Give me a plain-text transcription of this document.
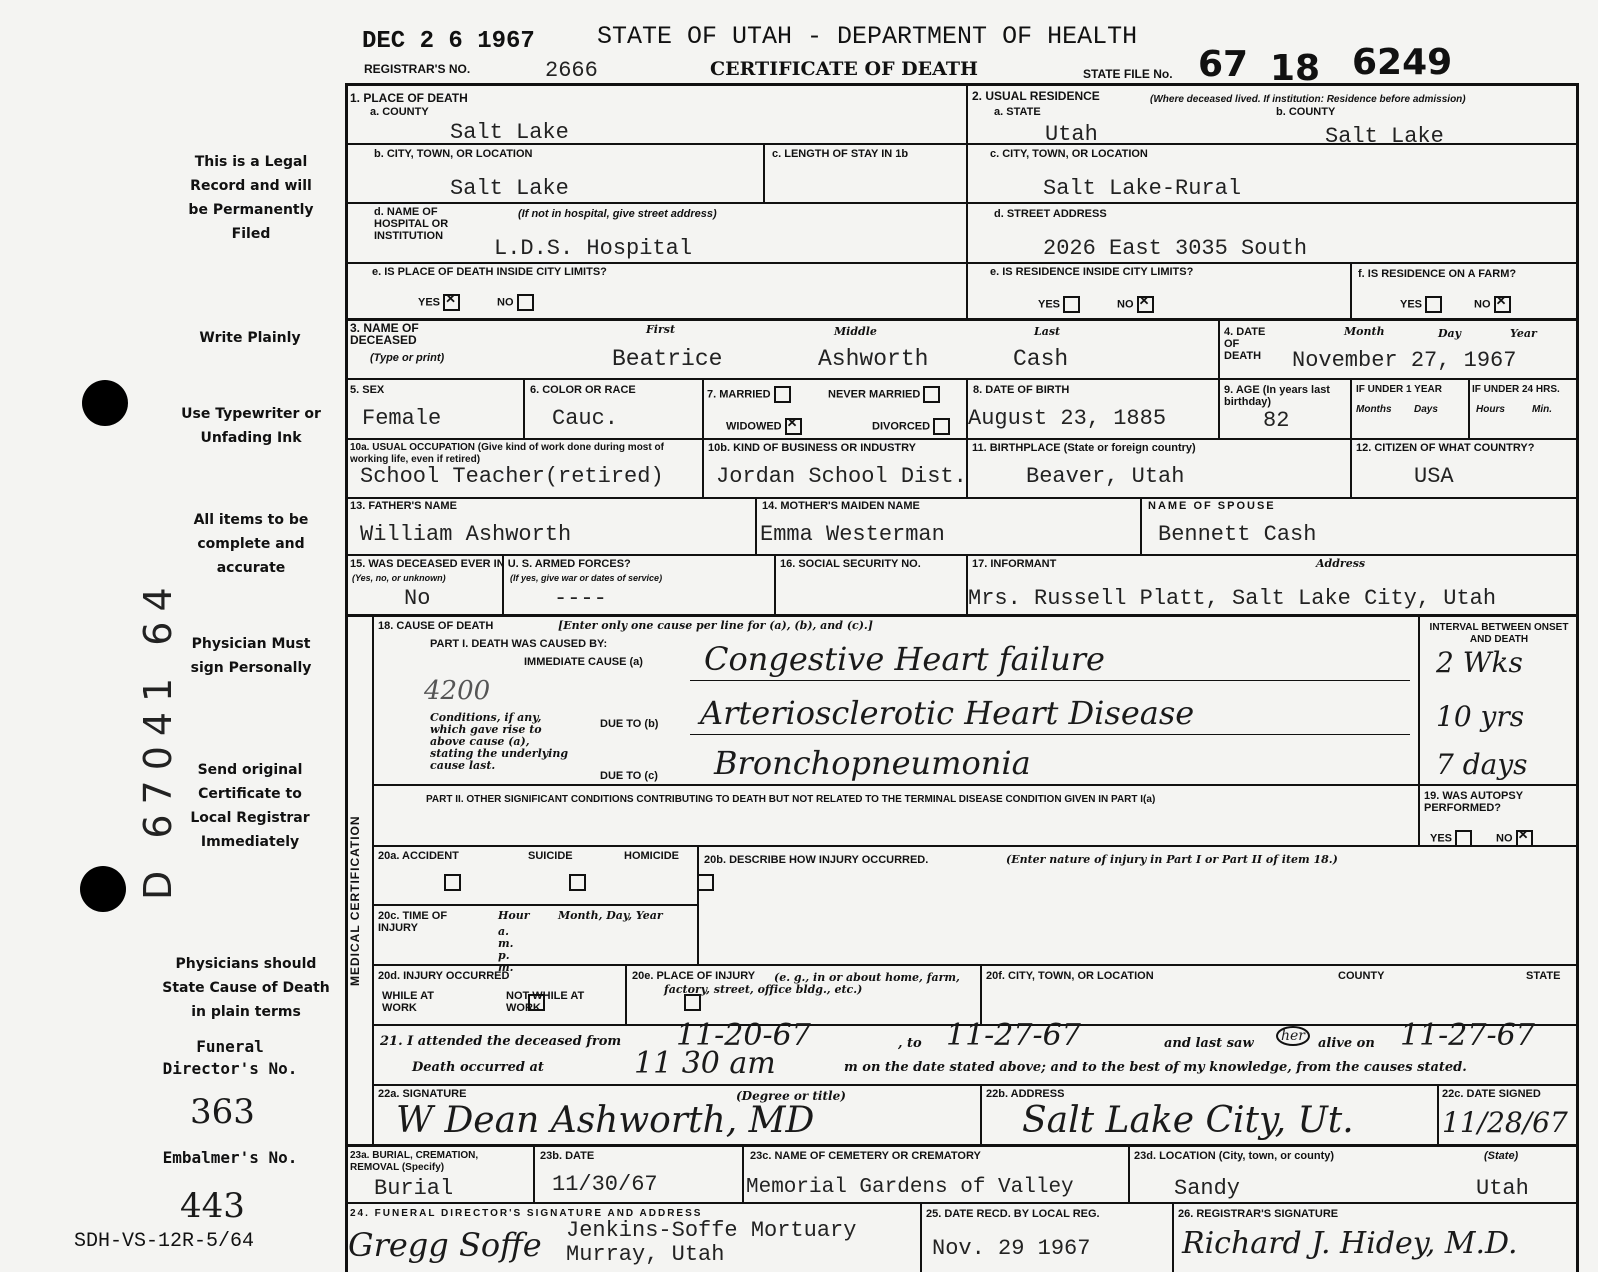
DEC 2 6 1967 STATE OF UTAH - DEPARTMENT OF HEALTH
REGISTRAR'S NO.	2666	CERTIFICATE OF DEATH	STATE FILE No. 67 18 6249
This is a Legal Record and will be Permanently Filed
Write Plainly
Use Typewriter or Unfading Ink
All items to be complete and accurate
Physician Must sign Personally
Send original Certificate to Local Registrar Immediately
Physicians should State Cause of Death in plain terms
Funeral Director's No.
363
Embalmer's No.
443
SDH-VS-12R-5/64
D 67041 64
1. PLACE OF DEATH
a. COUNTY
Salt Lake
2. USUAL RESIDENCE	(Where deceased lived. If institution: Residence before admission)
a. STATE	b. COUNTY
Utah	Salt Lake
b. CITY, TOWN, OR LOCATION
Salt Lake
c. LENGTH OF STAY IN 1b	c. CITY, TOWN, OR LOCATION
Salt Lake-Rural
d. NAME OF HOSPITAL OR INSTITUTION
(If not in hospital, give street address)
L.D.S. Hospital
d. STREET ADDRESS
2026 East 3035 South
e. IS PLACE OF DEATH INSIDE CITY LIMITS?
YES ✕	NO
e. IS RESIDENCE INSIDE CITY LIMITS?
YES	NO ✕
f. IS RESIDENCE ON A FARM?
YES	NO ✕
3. NAME OF DECEASED
(Type or print)
First	Middle	Last
Beatrice	Ashworth	Cash
4. DATE OF DEATH
Month	Day	Year
November 27, 1967
5. SEX
Female
6. COLOR OR RACE
Cauc.
7. MARRIED	NEVER MARRIED
WIDOWED ✕	DIVORCED
8. DATE OF BIRTH
August 23, 1885
9. AGE (In years last birthday)
82
IF UNDER 1 YEAR	IF UNDER 24 HRS.
Months Days	Hours	Min.
10a. USUAL OCCUPATION (Give kind of work done during most of working life, even if retired)
School Teacher(retired)
10b. KIND OF BUSINESS OR INDUSTRY
Jordan School Dist.
11. BIRTHPLACE (State or foreign country)
Beaver, Utah
12. CITIZEN OF WHAT COUNTRY?
USA
13. FATHER'S NAME
William Ashworth
14. MOTHER'S MAIDEN NAME
Emma Westerman
NAME OF SPOUSE
Bennett Cash
15. WAS DECEASED EVER IN U. S. ARMED FORCES?
(Yes, no, or unknown)	(If yes, give war or dates of service)
No	----
16. SOCIAL SECURITY NO.	17. INFORMANT	Address
Mrs. Russell Platt, Salt Lake City, Utah
MEDICAL CERTIFICATION
18. CAUSE OF DEATH	[Enter only one cause per line for (a), (b), and (c).]
PART I. DEATH WAS CAUSED BY:
IMMEDIATE CAUSE (a) Congestive Heart failure
4200
Conditions, if any, which gave rise to above cause (a), stating the underlying cause last.
DUE TO (b) Arteriosclerotic Heart Disease
DUE TO (c) Bronchopneumonia
INTERVAL BETWEEN ONSET AND DEATH
2 Wks
10 yrs
7 days
PART II. OTHER SIGNIFICANT CONDITIONS CONTRIBUTING TO DEATH BUT NOT RELATED TO THE TERMINAL DISEASE CONDITION GIVEN IN PART I(a)	19. WAS AUTOPSY PERFORMED?
YES	NO ✕
20a. ACCIDENT	SUICIDE	HOMICIDE
20b. DESCRIBE HOW INJURY OCCURRED.	(Enter nature of injury in Part I or Part II of item 18.)
20c. TIME OF INJURY
Hour
a. m. p. m.
Month, Day, Year
20d. INJURY OCCURRED
WHILE AT WORK

NOT WHILE AT WORK
20e. PLACE OF INJURY	(e. g., in or about home, farm, factory, street, office bldg., etc.)
20f. CITY, TOWN, OR LOCATION	COUNTY	STATE
21. I attended the deceased from 11-20-67	, to 11-27-67	and last saw	her	alive on 11-27-67
Death occurred at	11 30 am	m on the date stated above; and to the best of my knowledge, from the causes stated.
22a. SIGNATURE	(Degree or title)
W Dean Ashworth, MD
22b. ADDRESS
Salt Lake City, Ut.
22c. DATE SIGNED
11/28/67
23a. BURIAL, CREMATION, REMOVAL (Specify)
Burial
23b. DATE
11/30/67
23c. NAME OF CEMETERY OR CREMATORY
Memorial Gardens of Valley
23d. LOCATION (City, town, or county)	(State)
Sandy	Utah
24. FUNERAL DIRECTOR'S SIGNATURE AND ADDRESS
Gregg Soffe Jenkins-Soffe Mortuary
Murray, Utah
25. DATE RECD. BY LOCAL REG.
Nov. 29 1967
26. REGISTRAR'S SIGNATURE
Richard J. Hidey, M.D.
